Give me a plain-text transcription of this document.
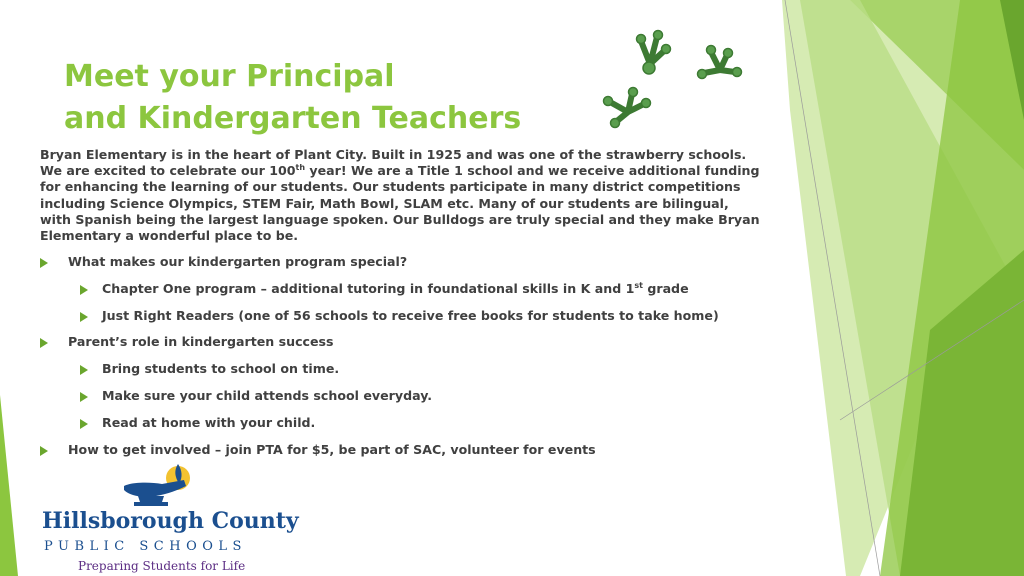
Meet your Principal
and Kindergarten Teachers

Bryan Elementary is in the heart of Plant City. Built in 1925 and was one of the strawberry schools. We are excited to celebrate our 100th year! We are a Title 1 school and we receive additional funding for enhancing the learning of our students. Our students participate in many district competitions including Science Olympics, STEM Fair, Math Bowl, SLAM etc. Many of our students are bilingual, with Spanish being the largest language spoken. Our Bulldogs are truly special and they make Bryan Elementary a wonderful place to be.

What makes our kindergarten program special?
Chapter One program – additional tutoring in foundational skills in K and 1st grade
Just Right Readers (one of 56 schools to receive free books for students to take home)
Parent’s role in kindergarten success
Bring students to school on time.
Make sure your child attends school everyday.
Read at home with your child.
How to get involved – join PTA for $5, be part of SAC, volunteer for events

Hillsborough County

PUBLIC SCHOOLS

Preparing Students for Life
